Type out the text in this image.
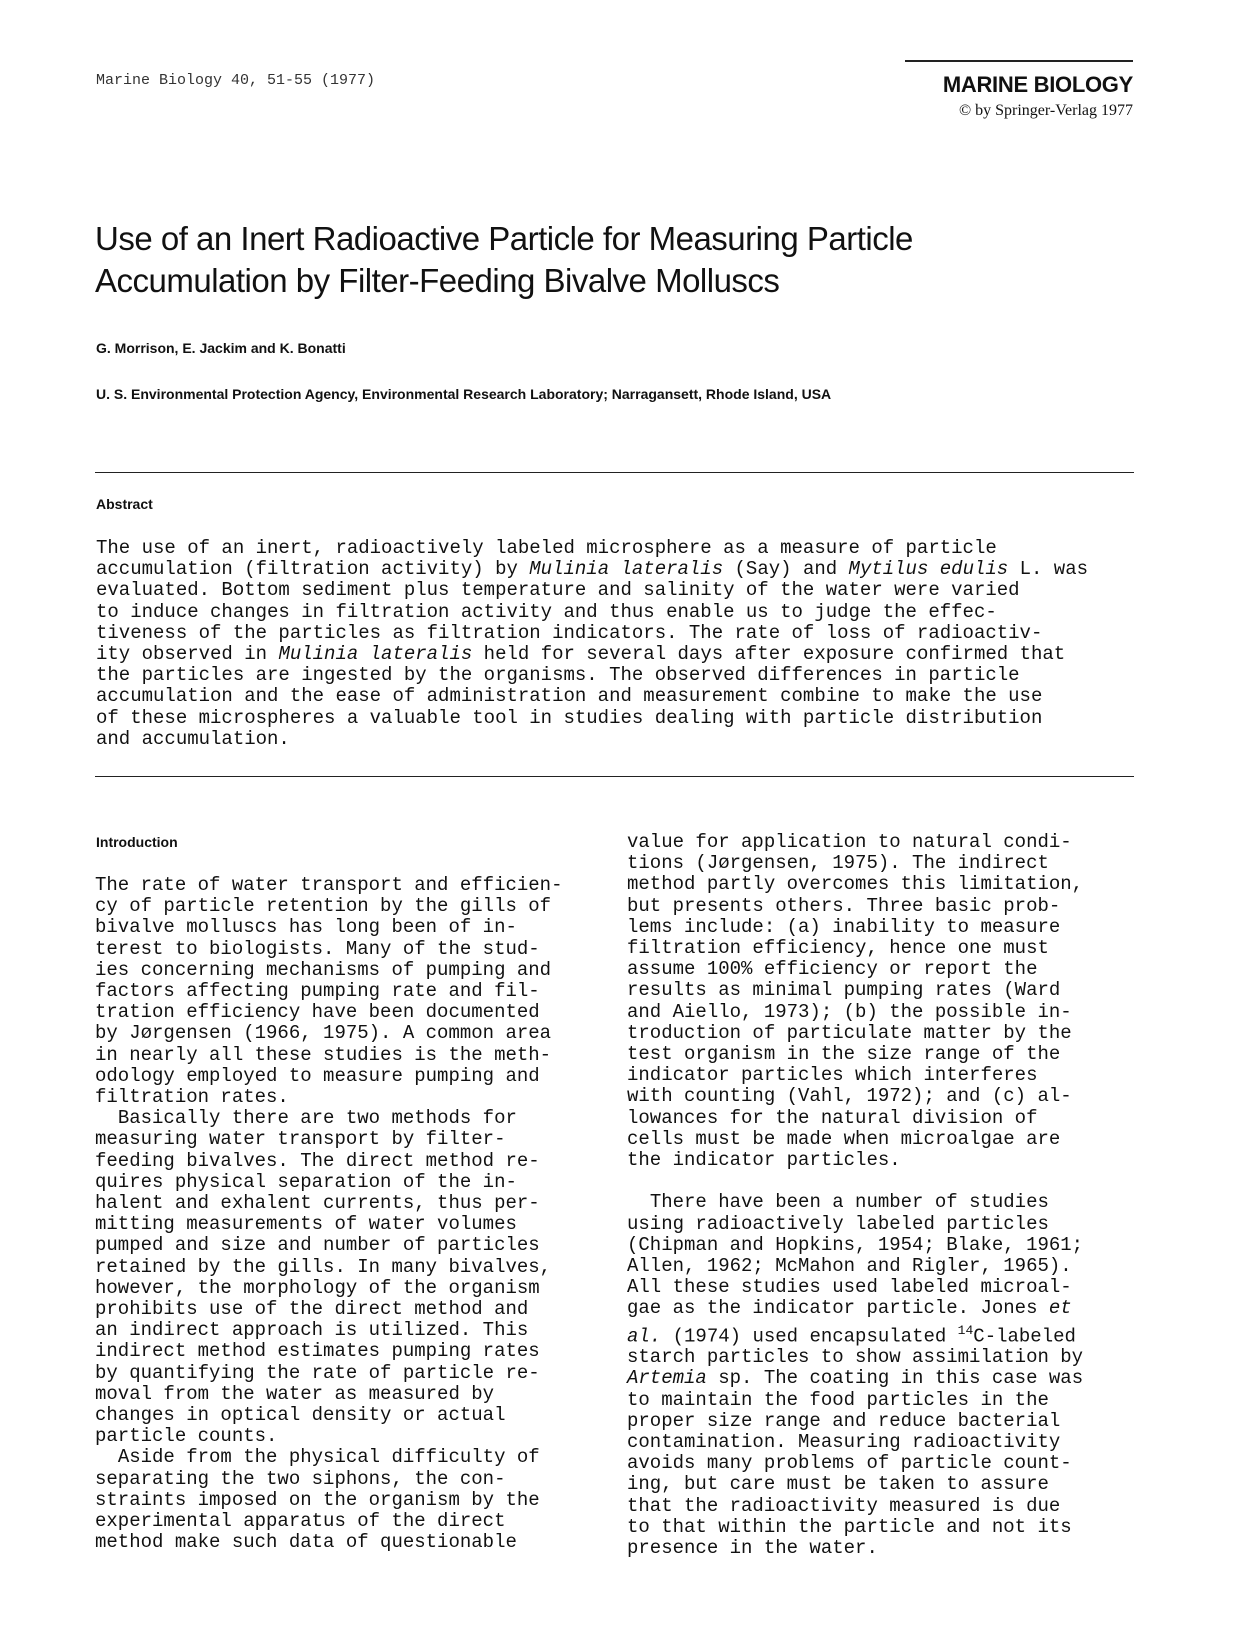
Marine Biology 40, 51-55 (1977)	MARINE BIOLOGY
© by Springer-Verlag 1977
Use of an Inert Radioactive Particle for Measuring Particle
Accumulation by Filter-Feeding Bivalve Molluscs
G. Morrison, E. Jackim and K. Bonatti
U. S. Environmental Protection Agency, Environmental Research Laboratory; Narragansett, Rhode Island, USA
Abstract
The use of an inert, radioactively labeled microsphere as a measure of particle
accumulation (filtration activity) by Mulinia lateralis (Say) and Mytilus edulis L. was
evaluated. Bottom sediment plus temperature and salinity of the water were varied
to induce changes in filtration activity and thus enable us to judge the effec-
tiveness of the particles as filtration indicators. The rate of loss of radioactiv-
ity observed in Mulinia lateralis held for several days after exposure confirmed that
the particles are ingested by the organisms. The observed differences in particle
accumulation and the ease of administration and measurement combine to make the use
of these microspheres a valuable tool in studies dealing with particle distribution
and accumulation.
Introduction
The rate of water transport and efficien-
cy of particle retention by the gills of
bivalve molluscs has long been of in-
terest to biologists. Many of the stud-
ies concerning mechanisms of pumping and
factors affecting pumping rate and fil-
tration efficiency have been documented
by Jørgensen (1966, 1975). A common area
in nearly all these studies is the meth-
odology employed to measure pumping and
filtration rates.
Basically there are two methods for
measuring water transport by filter-
feeding bivalves. The direct method re-
quires physical separation of the in-
halent and exhalent currents, thus per-
mitting measurements of water volumes
pumped and size and number of particles
retained by the gills. In many bivalves,
however, the morphology of the organism
prohibits use of the direct method and
an indirect approach is utilized. This
indirect method estimates pumping rates
by quantifying the rate of particle re-
moval from the water as measured by
changes in optical density or actual
particle counts.
Aside from the physical difficulty of
separating the two siphons, the con-
straints imposed on the organism by the
experimental apparatus of the direct
method make such data of questionable
value for application to natural condi-
tions (Jørgensen, 1975). The indirect
method partly overcomes this limitation,
but presents others. Three basic prob-
lems include: (a) inability to measure
filtration efficiency, hence one must
assume 100% efficiency or report the
results as minimal pumping rates (Ward
and Aiello, 1973); (b) the possible in-
troduction of particulate matter by the
test organism in the size range of the
indicator particles which interferes
with counting (Vahl, 1972); and (c) al-
lowances for the natural division of
cells must be made when microalgae are
the indicator particles.

There have been a number of studies
using radioactively labeled particles
(Chipman and Hopkins, 1954; Blake, 1961;
Allen, 1962; McMahon and Rigler, 1965).
All these studies used labeled microal-
gae as the indicator particle. Jones et
al. (1974) used encapsulated $^{14}$C-labeled
starch particles to show assimilation by
Artemia sp. The coating in this case was
to maintain the food particles in the
proper size range and reduce bacterial
contamination. Measuring radioactivity
avoids many problems of particle count-
ing, but care must be taken to assure
that the radioactivity measured is due
to that within the particle and not its
presence in the water.
